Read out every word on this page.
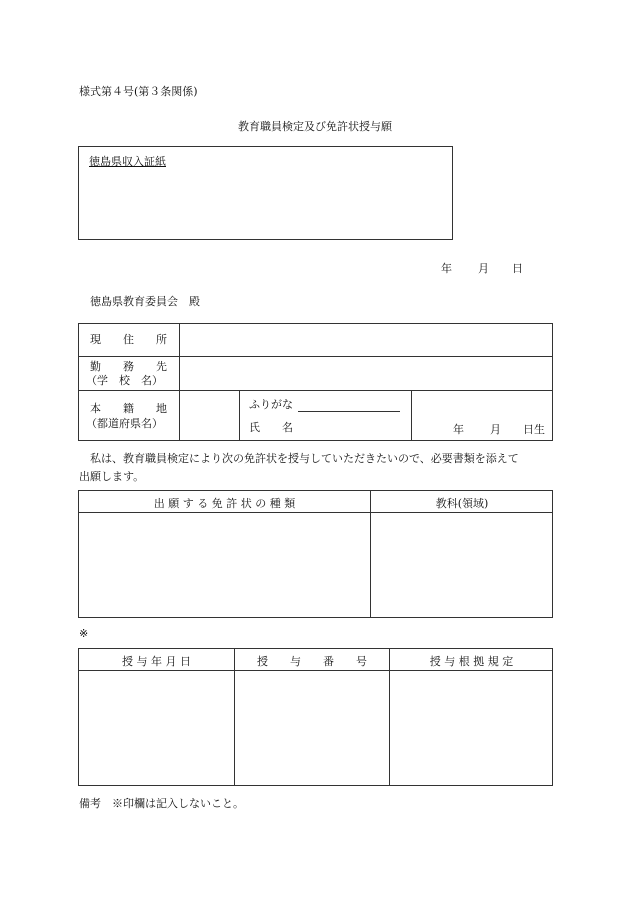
様式第４号(第３条関係)
教育職員検定及び免許状授与願
徳島県収入証紙
年 月 日
徳島県教育委員会　殿
現　　住　　所
勤　　務　　先
（学　校　名）
本　　籍　　地
（都道府県名）
ふりがな
氏　　名	年 月 日生
私は、教育職員検定により次の免許状を授与していただきたいので、必要書類を添えて
出願します。
出 願 す る 免 許 状 の 種 類	教科(領域)
※
授 与 年 月 日	授　　与　　番　　号	授 与 根 拠 規 定
備考　※印欄は記入しないこと。
